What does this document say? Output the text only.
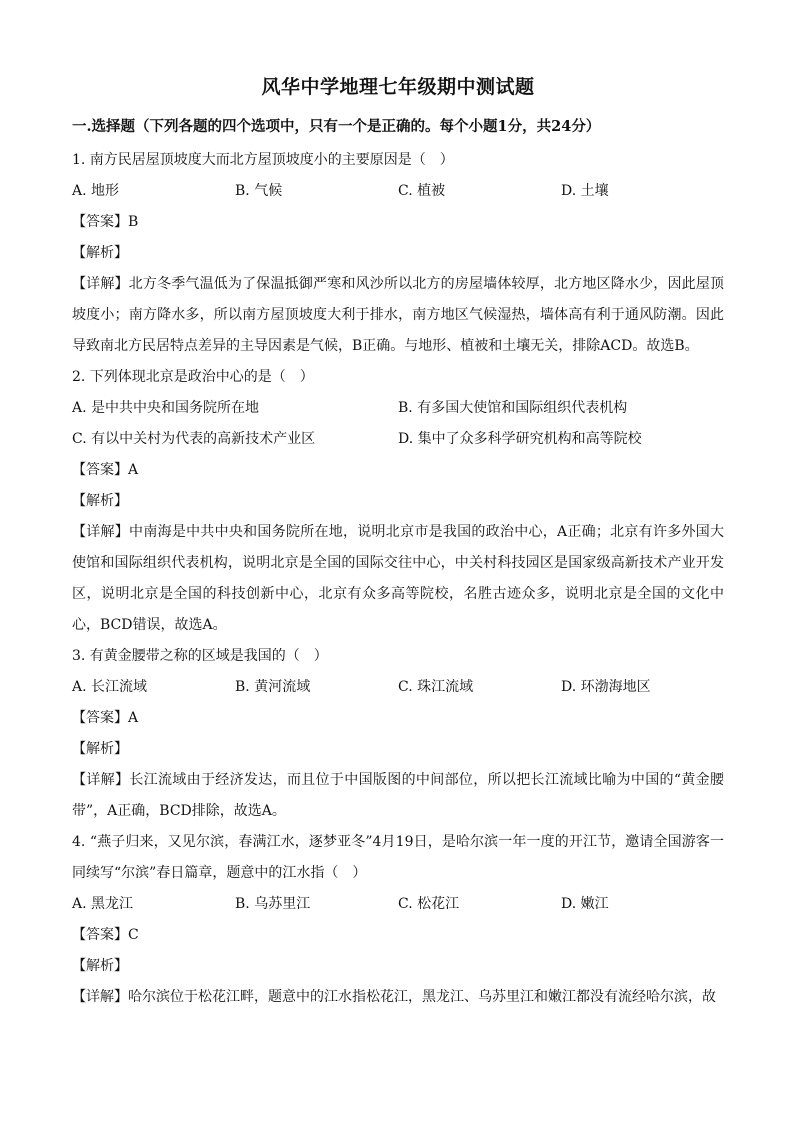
风华中学地理七年级期中测试题
一.选择题（下列各题的四个选项中，只有一个是正确的。每个小题1分，共24分）
1. 南方民居屋顶坡度大而北方屋顶坡度小的主要原因是（　）
A. 地形	B. 气候	C. 植被	D. 土壤
【答案】B
【解析】
【详解】北方冬季气温低为了保温抵御严寒和风沙所以北方的房屋墙体较厚，北方地区降水少，因此屋顶坡度小；南方降水多，所以南方屋顶坡度大利于排水，南方地区气候湿热，墙体高有利于通风防潮。因此导致南北方民居特点差异的主导因素是气候，B正确。与地形、植被和土壤无关，排除ACD。故选B。
2. 下列体现北京是政治中心的是（　）
A. 是中共中央和国务院所在地	B. 有多国大使馆和国际组织代表机构
C. 有以中关村为代表的高新技术产业区	D. 集中了众多科学研究机构和高等院校
【答案】A
【解析】
【详解】中南海是中共中央和国务院所在地，说明北京市是我国的政治中心，A正确；北京有许多外国大使馆和国际组织代表机构，说明北京是全国的国际交往中心，中关村科技园区是国家级高新技术产业开发区，说明北京是全国的科技创新中心，北京有众多高等院校，名胜古迹众多，说明北京是全国的文化中心，BCD错误，故选A。
3. 有黄金腰带之称的区域是我国的（　）
A. 长江流域	B. 黄河流域	C. 珠江流域	D. 环渤海地区
【答案】A
【解析】
【详解】长江流域由于经济发达，而且位于中国版图的中间部位，所以把长江流域比喻为中国的“黄金腰带”，A正确，BCD排除，故选A。
4. “燕子归来，又见尔滨，春满江水，逐梦亚冬”4月19日，是哈尔滨一年一度的开江节，邀请全国游客一同续写“尔滨”春日篇章，题意中的江水指（　）
A. 黑龙江	B. 乌苏里江	C. 松花江	D. 嫩江
【答案】C
【解析】
【详解】哈尔滨位于松花江畔，题意中的江水指松花江，黑龙江、乌苏里江和嫩江都没有流经哈尔滨，故
